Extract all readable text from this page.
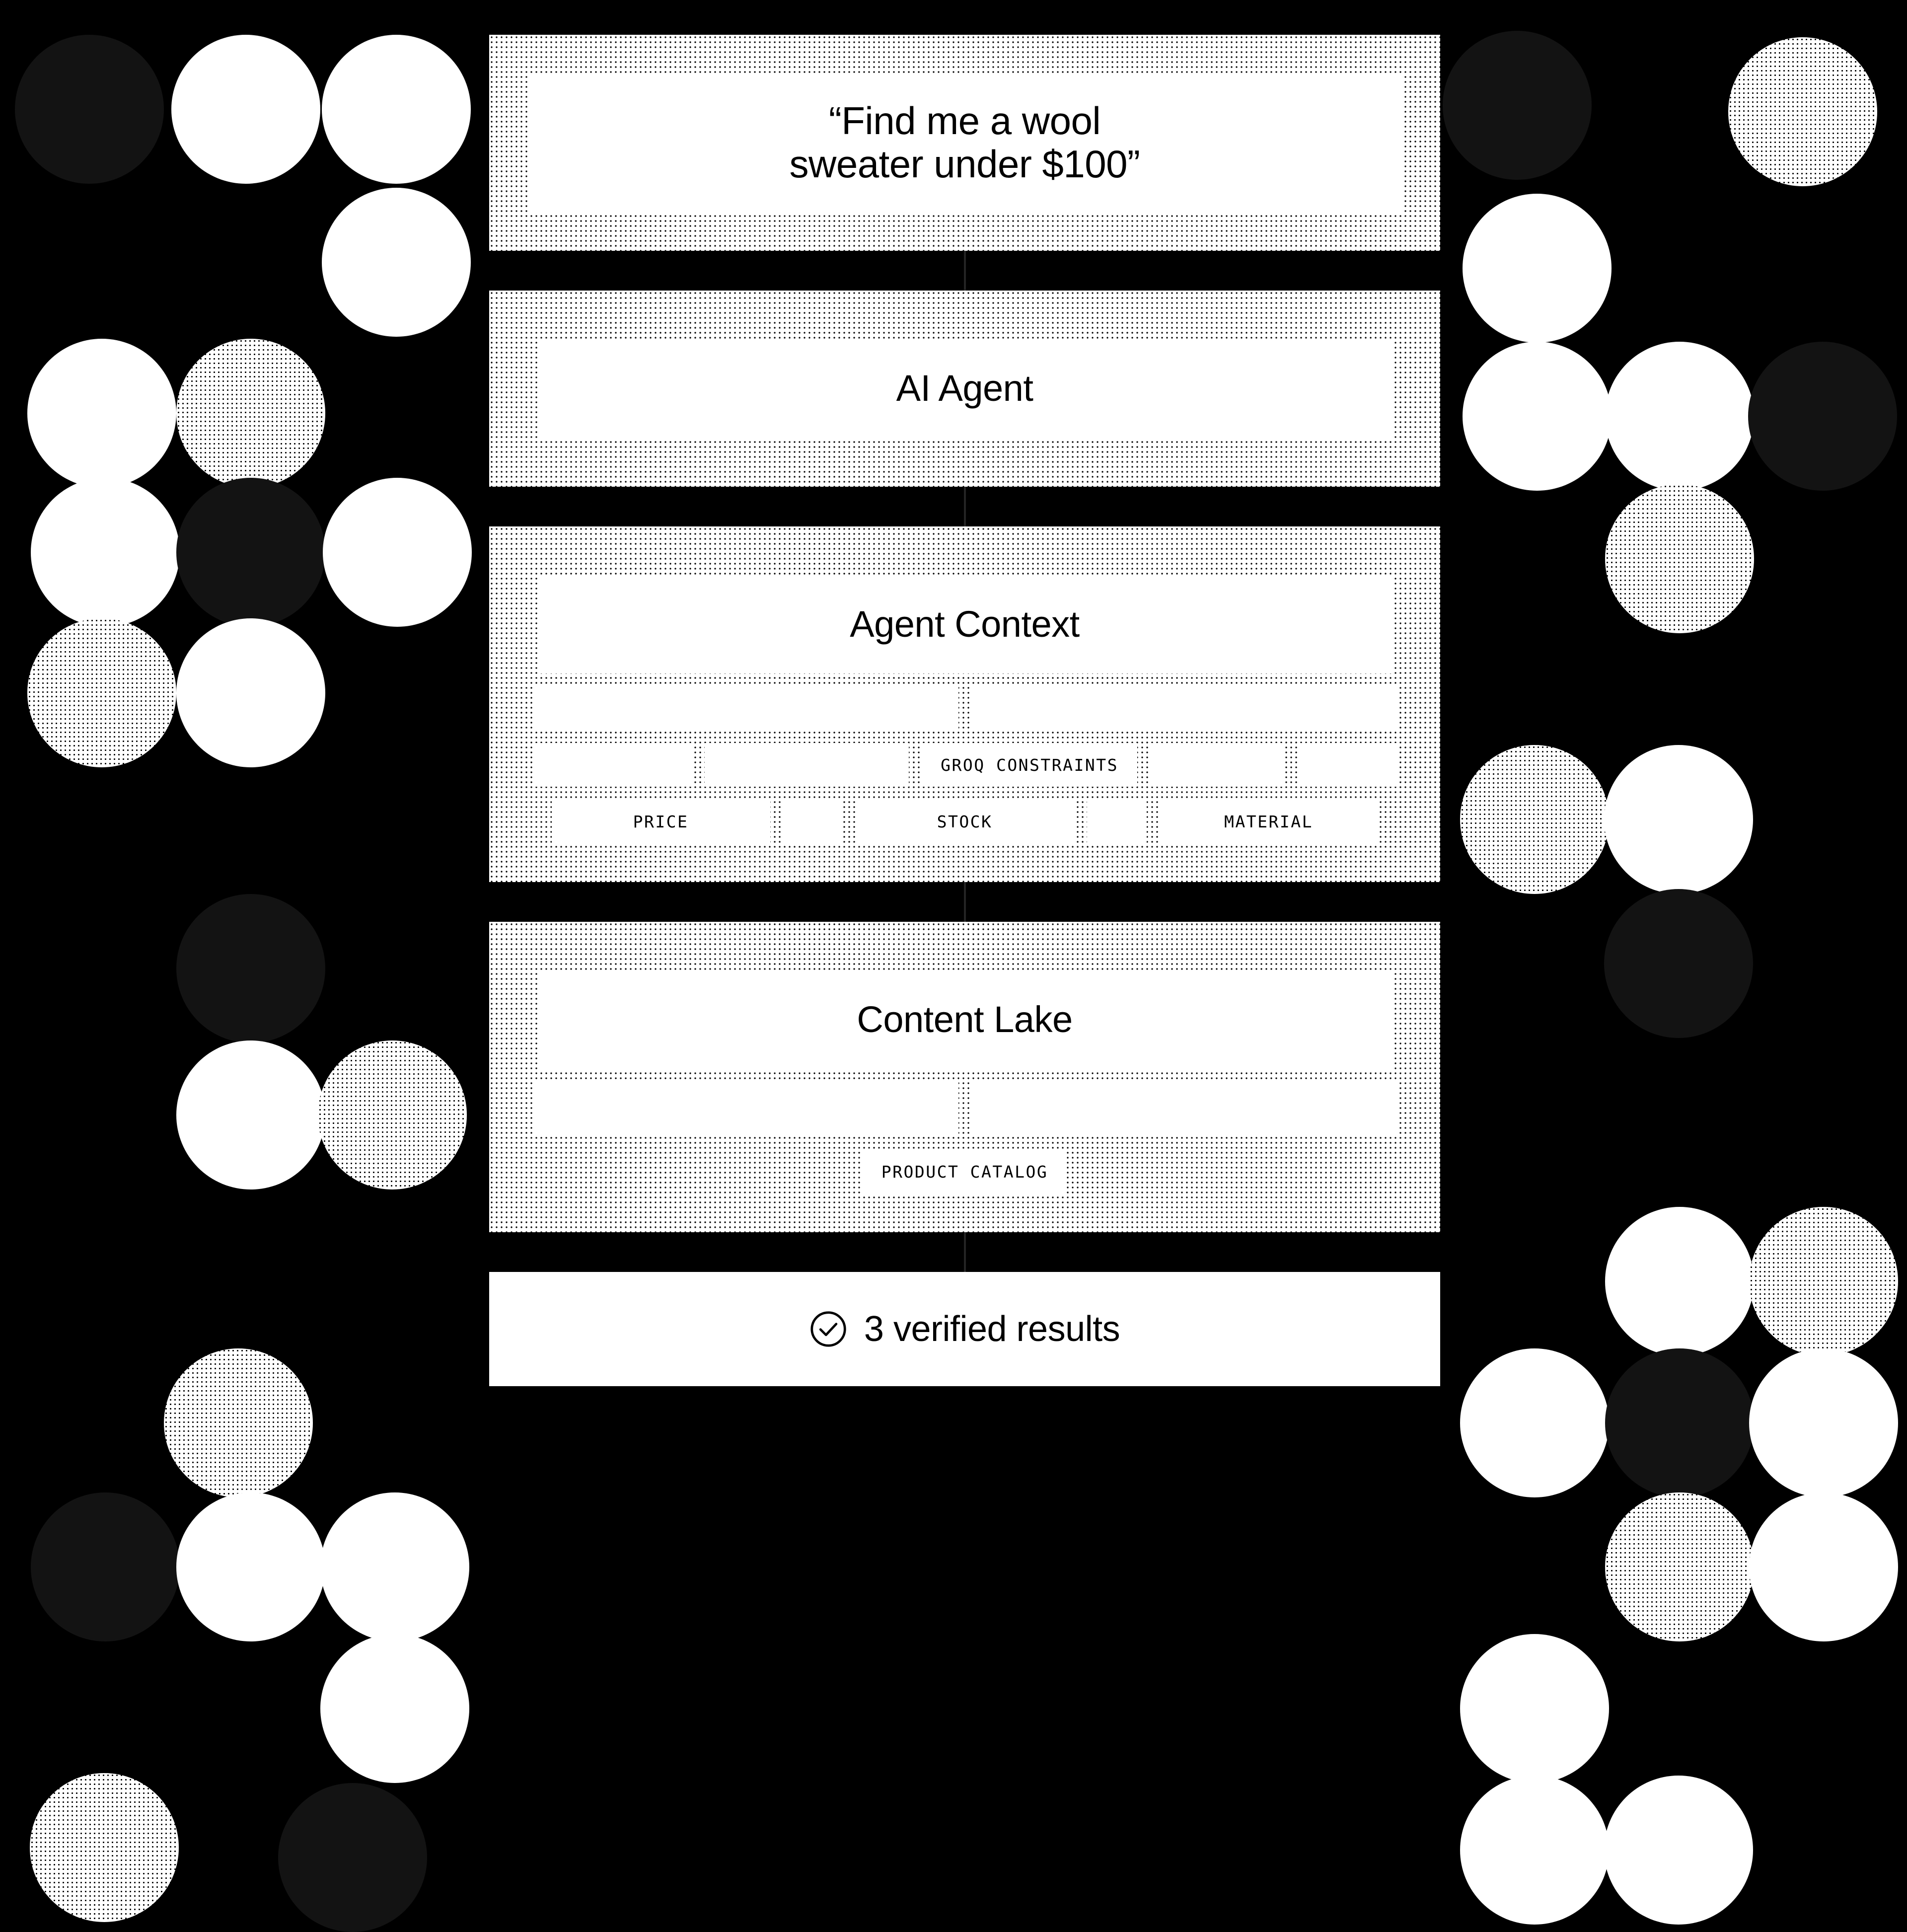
“Find me a wool
sweater under $100”
AI Agent
Agent Context
GROQ CONSTRAINTS
PRICE	STOCK	MATERIAL
Content Lake
PRODUCT CATALOG
3 verified results
